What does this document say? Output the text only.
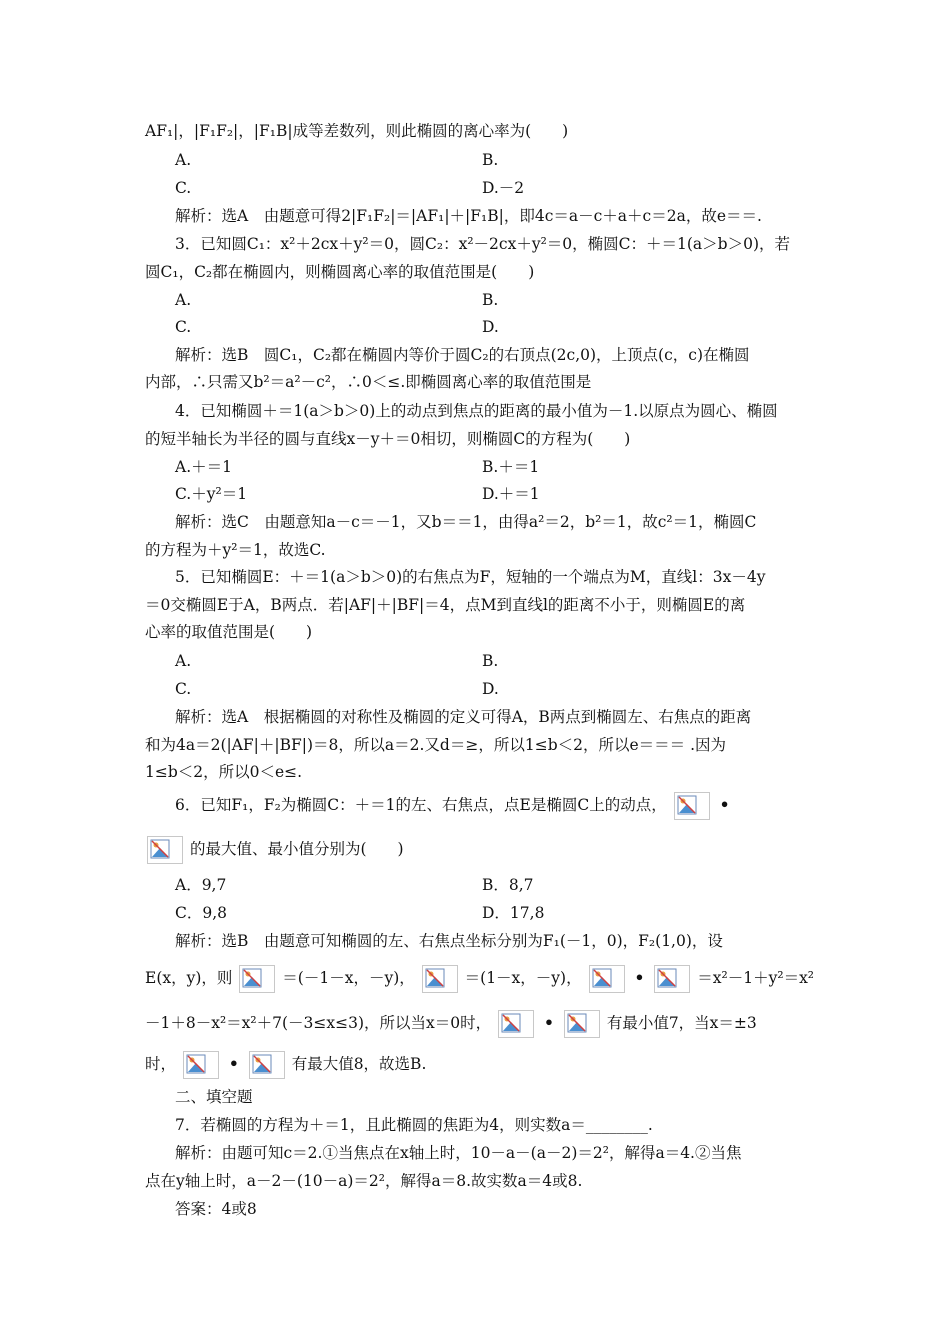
AF₁|，|F₁F₂|，|F₁B|成等差数列，则此椭圆的离心率为(　　)
A.	B.
C.	D.－2
解析：选A　由题意可得2|F₁F₂|＝|AF₁|＋|F₁B|，即4c＝a－c＋a＋c＝2a，故e＝＝.
3．已知圆C₁：x²＋2cx＋y²＝0，圆C₂：x²－2cx＋y²＝0，椭圆C：＋＝1(a＞b＞0)，若
圆C₁，C₂都在椭圆内，则椭圆离心率的取值范围是(　　)
A.	B.
C.	D.
解析：选B　圆C₁，C₂都在椭圆内等价于圆C₂的右顶点(2c,0)，上顶点(c，c)在椭圆
内部，∴只需又b²＝a²－c²，∴0＜≤.即椭圆离心率的取值范围是
4．已知椭圆＋＝1(a＞b＞0)上的动点到焦点的距离的最小值为－1.以原点为圆心、椭圆
的短半轴长为半径的圆与直线x－y＋＝0相切，则椭圆C的方程为(　　)
A.＋＝1	B.＋＝1
C.＋y²＝1	D.＋＝1
解析：选C　由题意知a－c＝－1，又b＝＝1，由得a²＝2，b²＝1，故c²＝1，椭圆C
的方程为＋y²＝1，故选C.
5．已知椭圆E：＋＝1(a＞b＞0)的右焦点为F，短轴的一个端点为M，直线l：3x－4y
＝0交椭圆E于A，B两点．若|AF|＋|BF|＝4，点M到直线l的距离不小于，则椭圆E的离
心率的取值范围是(　　)
A.	B.
C.	D.
解析：选A　根据椭圆的对称性及椭圆的定义可得A，B两点到椭圆左、右焦点的距离
和为4a＝2(|AF|＋|BF|)＝8，所以a＝2.又d＝≥，所以1≤b＜2，所以e＝＝＝ .因为
1≤b＜2，所以0＜e≤.
6．已知F₁，F₂为椭圆C：＋＝1的左、右焦点，点E是椭圆C上的动点，	•
的最大值、最小值分别为(　　)
A．9,7	B．8,7
C．9,8	D．17,8
解析：选B　由题意可知椭圆的左、右焦点坐标分别为F₁(－1，0)，F₂(1,0)，设
E(x，y)，则	＝(－1－x，－y)，	＝(1－x，－y)，	•	＝x²－1＋y²＝x²
－1＋8－x²＝x²＋7(－3≤x≤3)，所以当x＝0时，	•	有最小值7，当x＝±3
时，	•	有最大值8，故选B.
二、填空题
7．若椭圆的方程为＋＝1，且此椭圆的焦距为4，则实数a＝________.
解析：由题可知c＝2.①当焦点在x轴上时，10－a－(a－2)＝2²，解得a＝4.②当焦
点在y轴上时，a－2－(10－a)＝2²，解得a＝8.故实数a＝4或8.
答案：4或8
